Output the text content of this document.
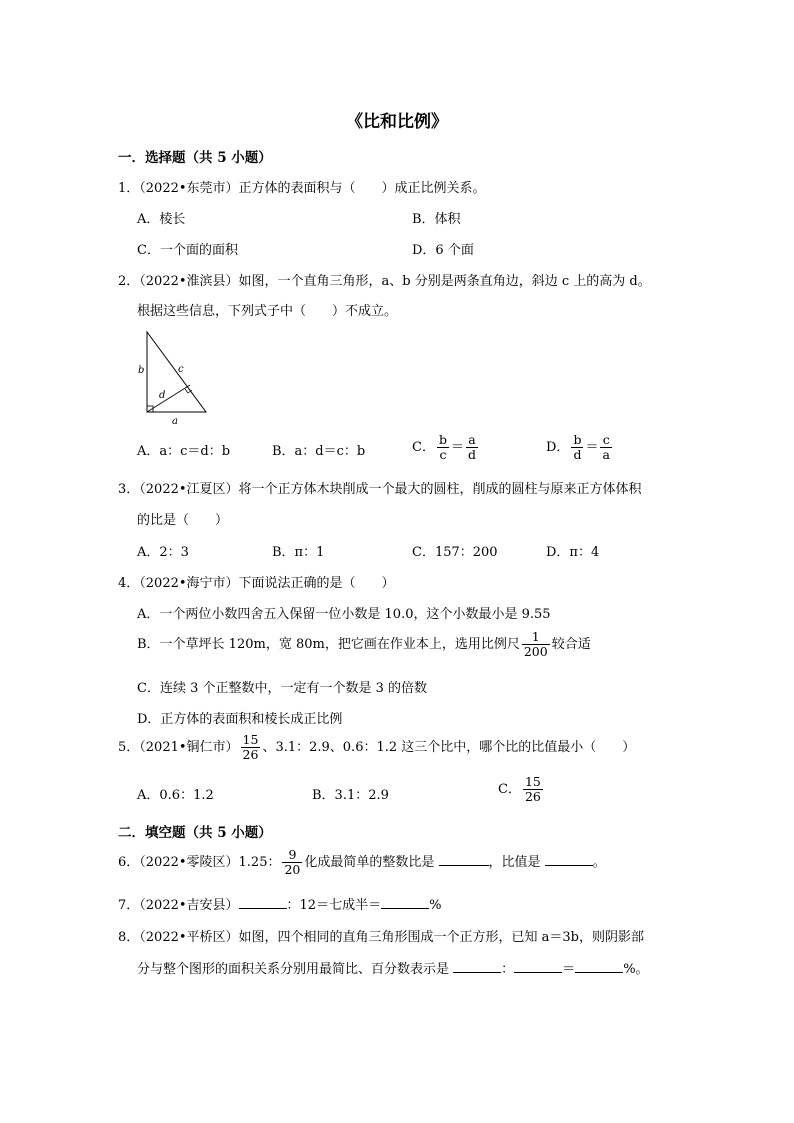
《比和比例》
一．选择题（共 5 小题）
1．（2022•东莞市）正方体的表面积与（　　）成正比例关系。
A．棱长	B．体积
C．一个面的面积	D．6 个面
2．（2022•淮滨县）如图，一个直角三角形，a、b 分别是两条直角边，斜边 c 上的高为 d。
根据这些信息，下列式子中（　　）不成立。
b	c
d
a
A．a：c＝d：b	B．a：d＝c：b	C． $\frac{b}{c} = \frac{a}{d}$	D． $\frac{b}{d} = \frac{c}{a}$
3．（2022•江夏区）将一个正方体木块削成一个最大的圆柱，削成的圆柱与原来正方体体积
的比是（　　）
A．2：3	B．π：1	C．157：200	D．π：4
4．（2022•海宁市）下面说法正确的是（　　）
A．一个两位小数四舍五入保留一位小数是 10.0，这个小数最小是 9.55
B．一个草坪长 120m，宽 80m，把它画在作业本上，选用比例尺 $\frac{1}{200}$ 较合适
C．连续 3 个正整数中，一定有一个数是 3 的倍数
D．正方体的表面积和棱长成正比例
5．（2021•铜仁市） $\frac{15}{26}$ 、3.1：2.9、0.6：1.2 这三个比中，哪个比的比值最小（　　）
A．0.6：1.2	B．3.1：2.9	C． $\frac{15}{26}$
二．填空题（共 5 小题）
6．（2022•零陵区）1.25： $\frac{9}{20}$ 化成最简单的整数比是	，比值是	。
7．（2022•吉安县）	：12＝七成半＝	%
8．（2022•平桥区）如图，四个相同的直角三角形围成一个正方形，已知 a＝3b，则阴影部
分与整个图形的面积关系分别用最简比、百分数表示是	：	＝	%。
